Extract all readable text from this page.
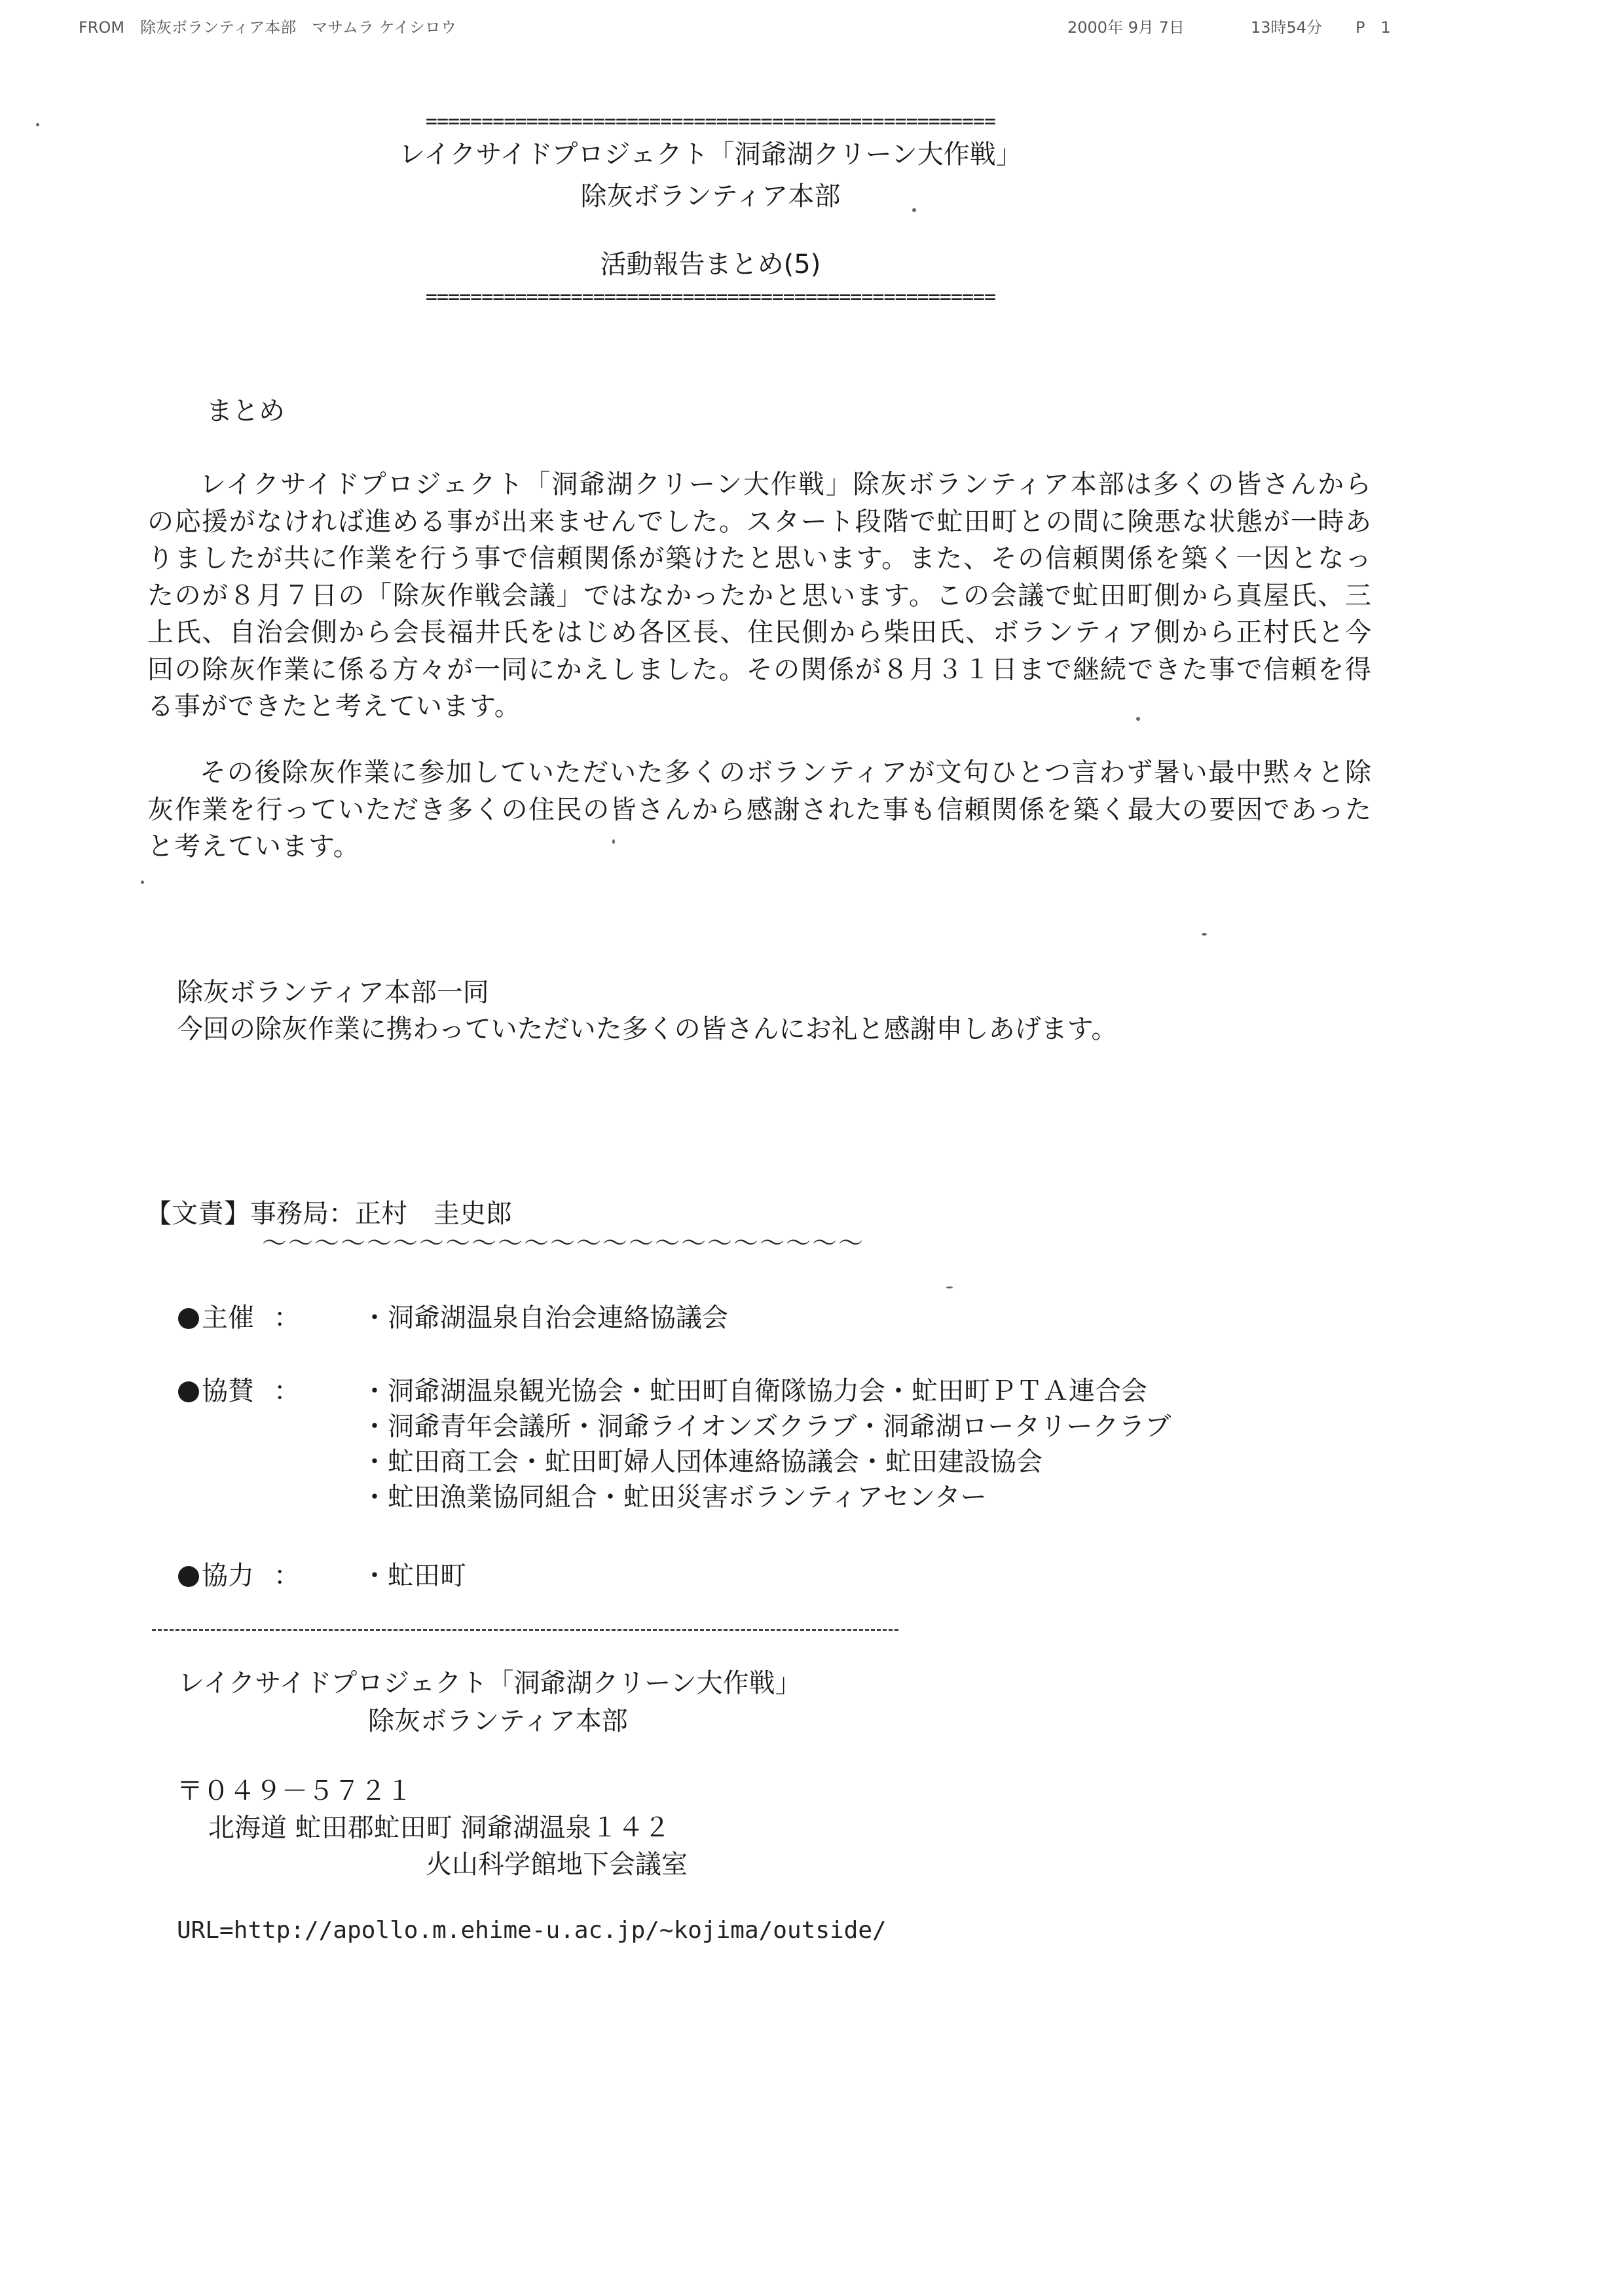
FROM　除灰ボランティア本部　マサムラ ケイシロウ	2000年 9月 7日	13時54分 P　1
===================================================
レイクサイドプロジェクト「洞爺湖クリーン大作戦」
除灰ボランティア本部
活動報告まとめ(5)
===================================================
まとめ
レイクサイドプロジェクト「洞爺湖クリーン大作戦」除灰ボランティア本部は多くの皆さんからの応援がなければ進める事が出来ませんでした。スタート段階で虻田町との間に険悪な状態が一時ありましたが共に作業を行う事で信頼関係が築けたと思います。また、その信頼関係を築く一因となったのが８月７日の「除灰作戦会議」ではなかったかと思います。この会議で虻田町側から真屋氏、三上氏、自治会側から会長福井氏をはじめ各区長、住民側から柴田氏、ボランティア側から正村氏と今回の除灰作業に係る方々が一同にかえしました。その関係が８月３１日まで継続できた事で信頼を得る事ができたと考えています。
その後除灰作業に参加していただいた多くのボランティアが文句ひとつ言わず暑い最中黙々と除灰作業を行っていただき多くの住民の皆さんから感謝された事も信頼関係を築く最大の要因であったと考えています。
除灰ボランティア本部一同
今回の除灰作業に携わっていただいた多くの皆さんにお礼と感謝申しあげます。
【文責】事務局：正村　圭史郎
～～～～～～～～～～～～～～～～～～～～～～～
主催 ： ・洞爺湖温泉自治会連絡協議会
協賛 ： ・洞爺湖温泉観光協会・虻田町自衛隊協力会・虻田町ＰＴＡ連合会
・洞爺青年会議所・洞爺ライオンズクラブ・洞爺湖ロータリークラブ
・虻田商工会・虻田町婦人団体連絡協議会・虻田建設協会
・虻田漁業協同組合・虻田災害ボランティアセンター
協力 ： ・虻田町
レイクサイドプロジェクト「洞爺湖クリーン大作戦」
除灰ボランティア本部
〒０４９－５７２１
北海道 虻田郡虻田町 洞爺湖温泉１４２
火山科学館地下会議室
URL=http://apollo.m.ehime-u.ac.jp/~kojima/outside/
